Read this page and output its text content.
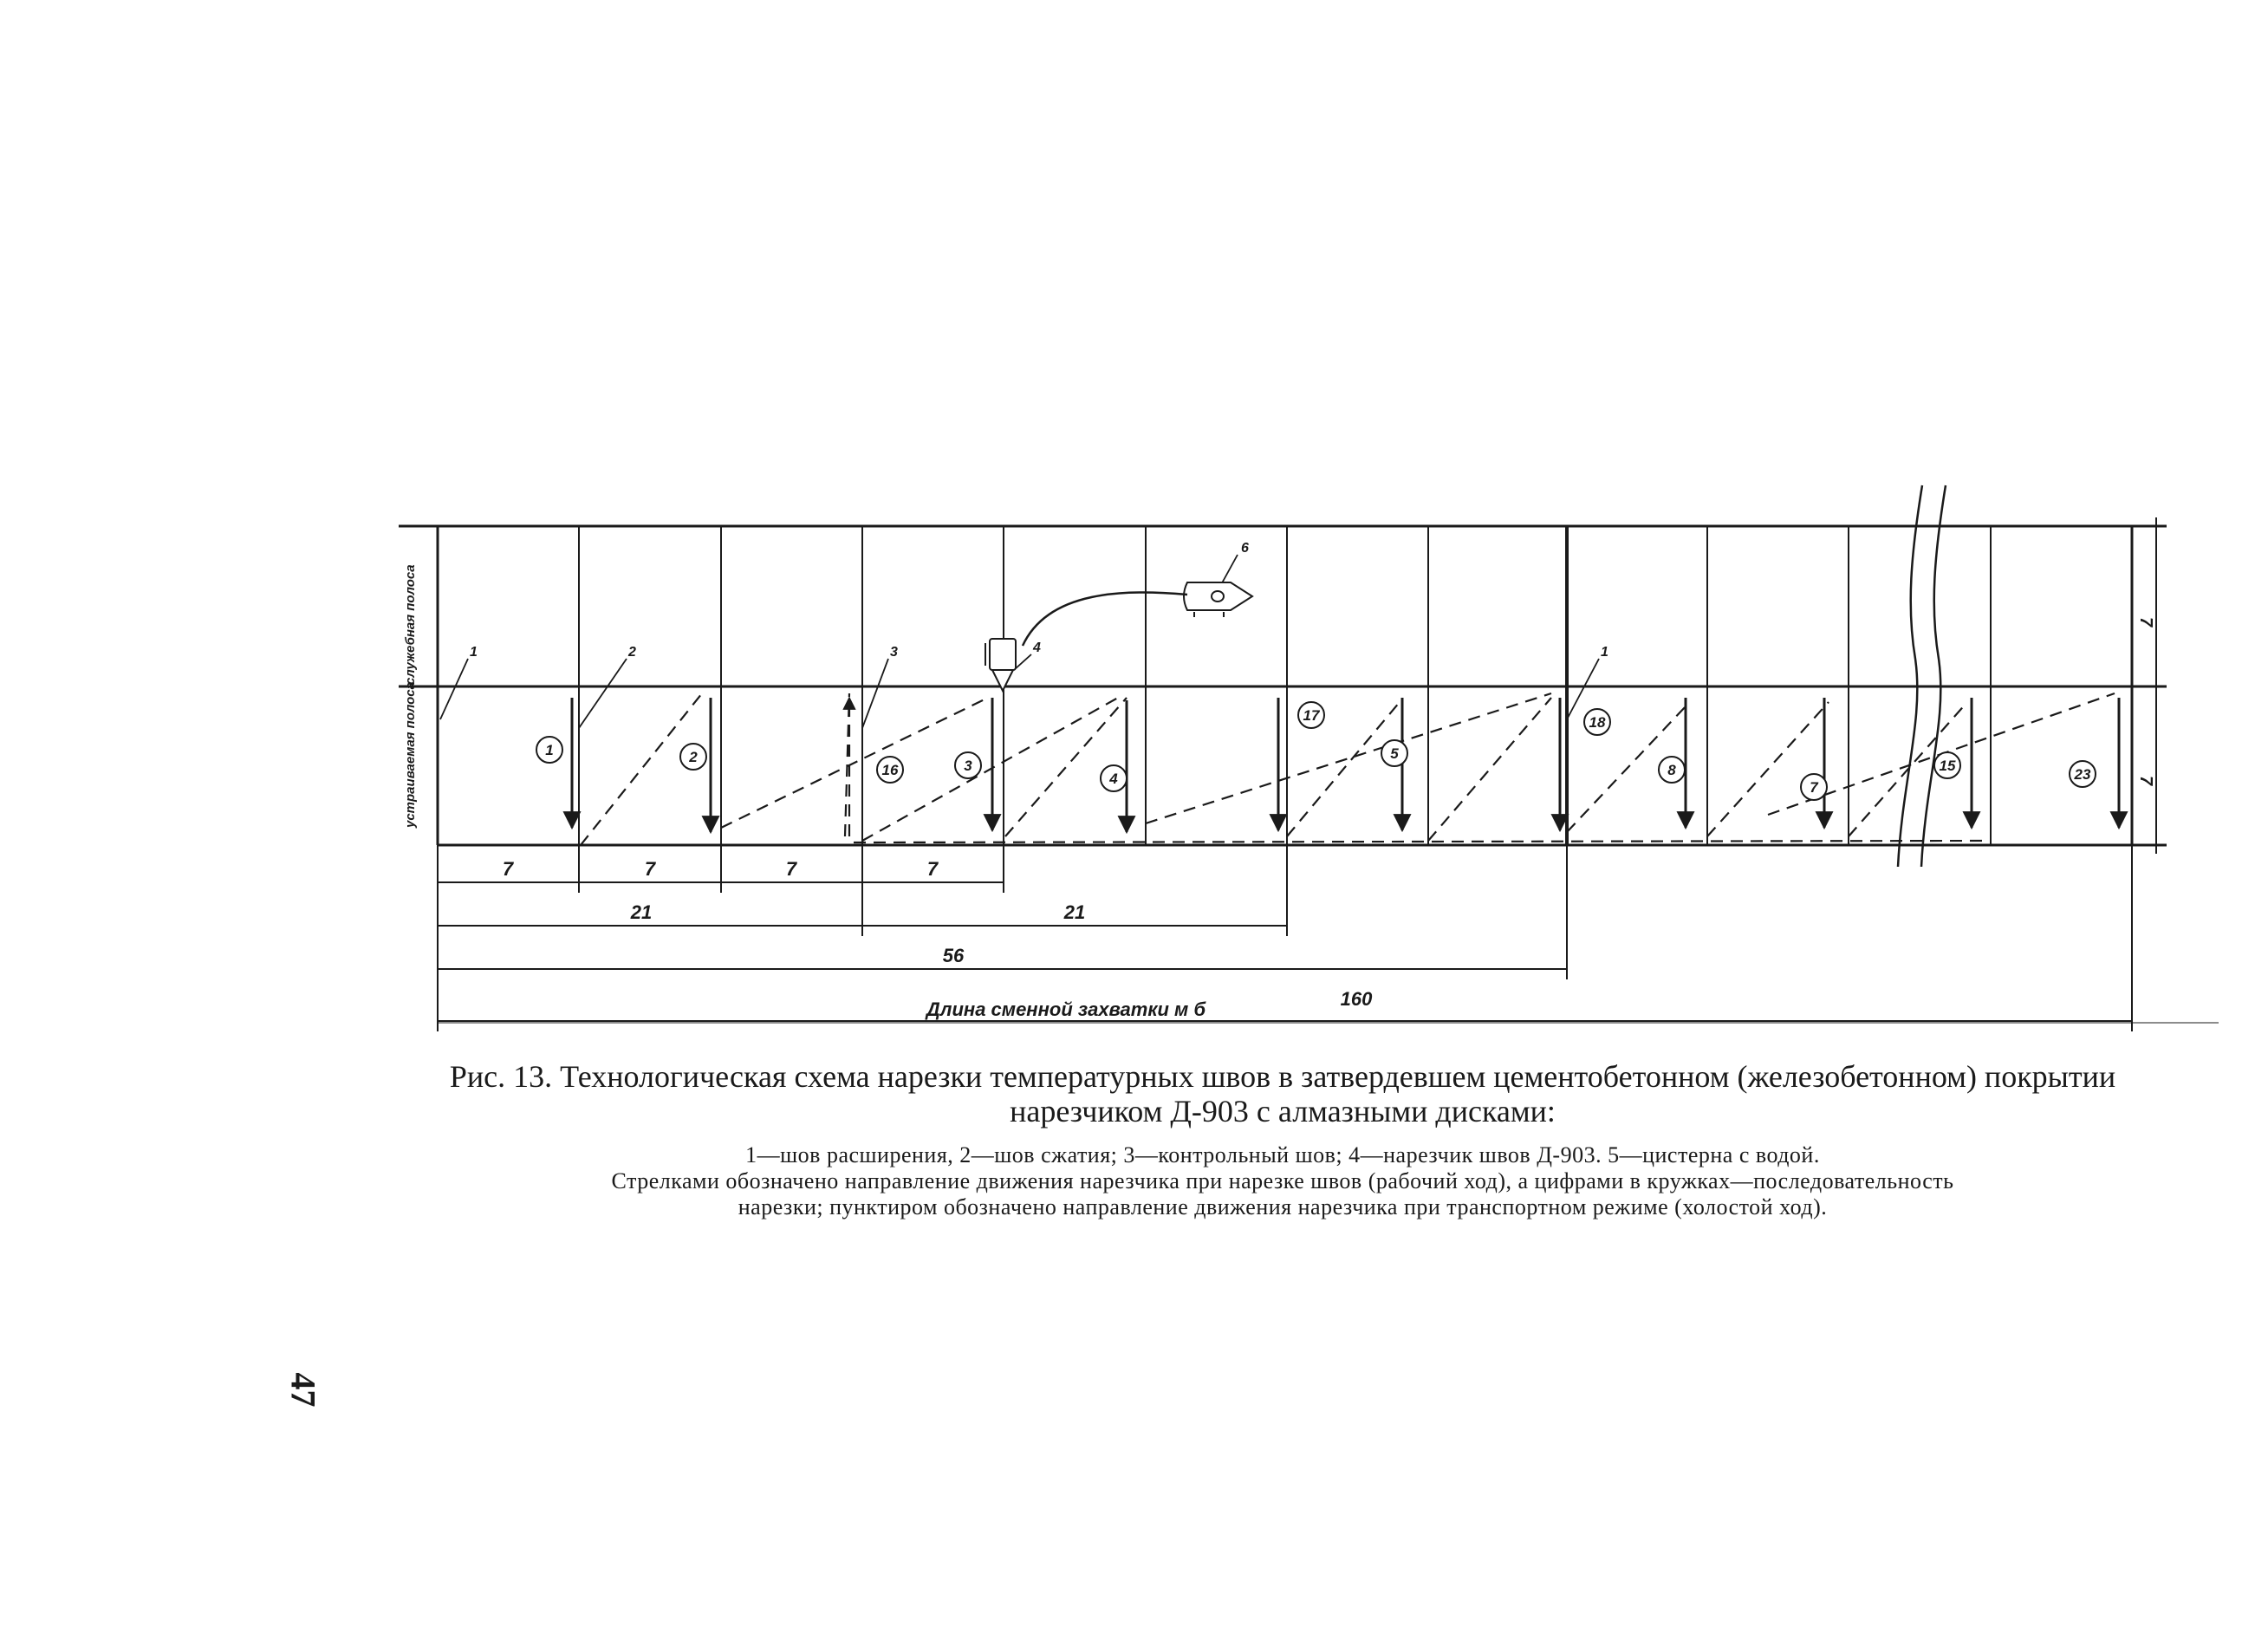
служебная полоса
устраиваемая полоса
7
7
1	2
16	3
4
17
5
18
8
7
15
23
1	2	3	4
6
1
7	7	7	7
21	21
56
Длина сменной захватки м б	160
Рис. 13. Технологическая схема нарезки температурных швов в затвердевшем цементобетонном (железобетонном) покрытии
нарезчиком Д-903 с алмазными дисками:
1—шов расширения, 2—шов сжатия; 3—контрольный шов; 4—нарезчик швов Д-903. 5—цистерна с водой.
Стрелками обозначено направление движения нарезчика при нарезке швов (рабочий ход), а цифрами в кружках—последовательность
нарезки; пунктиром обозначено направление движения нарезчика при транспортном режиме (холостой ход).
47
